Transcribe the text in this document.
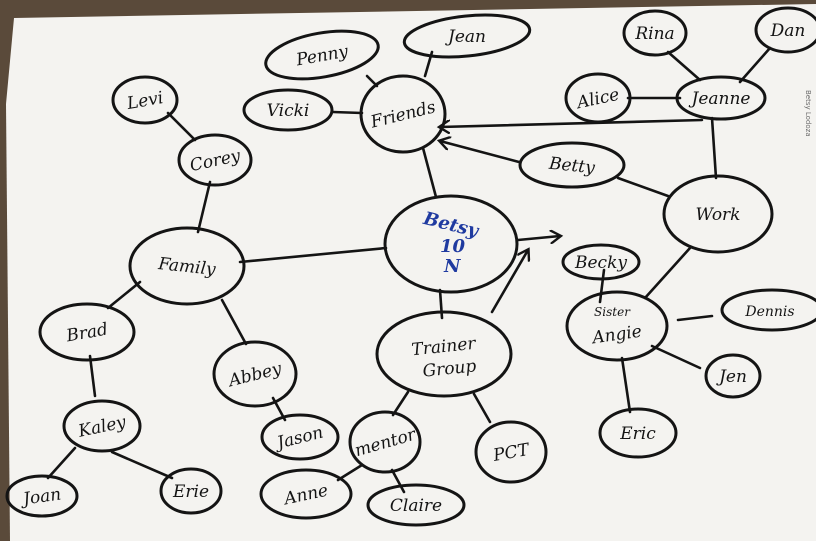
Betsy
10
N
Friends
Penny
Jean
Vicki
Family
Levi
Corey
Brad
Kaley
Joan	Erie
Abbey
Jason
Trainer
Group
mentor	PCT
Anne	Claire
Work
Betty
Jeanne
Alice
Rina	Dan
Becky
Sister
Angie
Dennis
Jen
Eric
Betsy Lodoza
